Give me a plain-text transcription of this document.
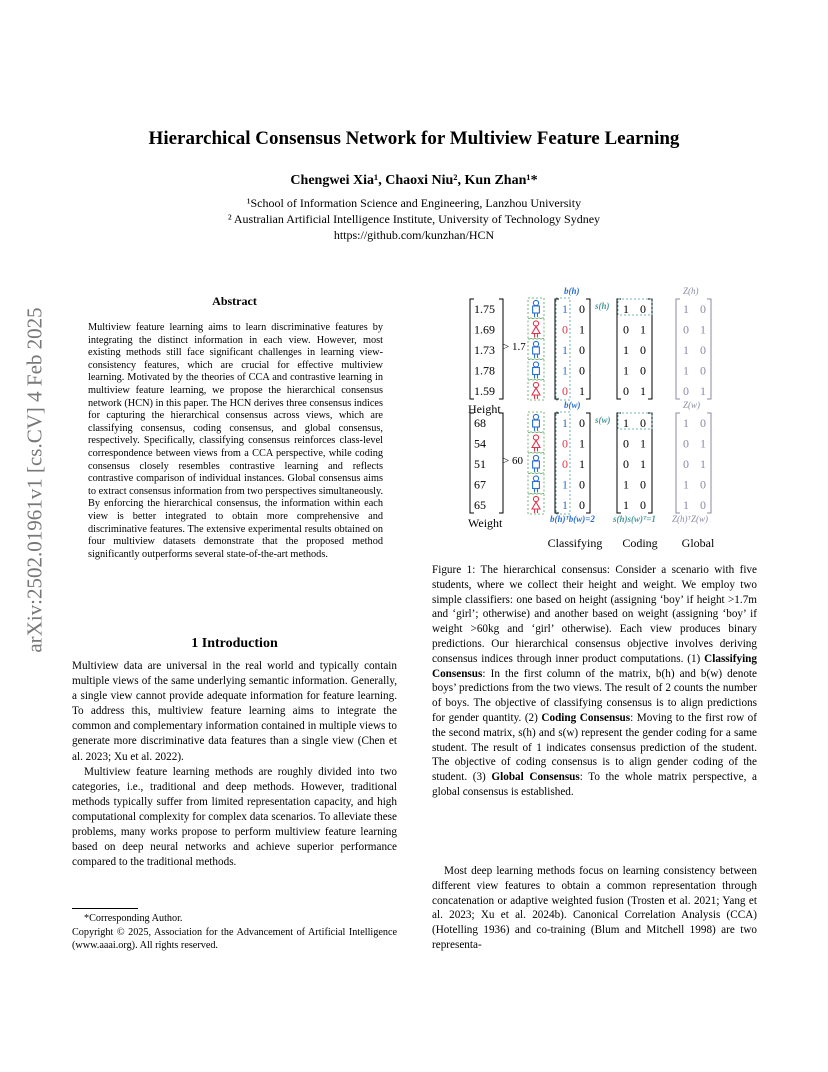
arXiv:2502.01961v1 [cs.CV] 4 Feb 2025
Hierarchical Consensus Network for Multiview Feature Learning
Chengwei Xia¹, Chaoxi Niu², Kun Zhan¹*
¹School of Information Science and Engineering, Lanzhou University
² Australian Artificial Intelligence Institute, University of Technology Sydney
https://github.com/kunzhan/HCN
Abstract
Multiview feature learning aims to learn discriminative features by integrating the distinct information in each view. However, most existing methods still face significant challenges in learning view-consistency features, which are crucial for effective multiview learning. Motivated by the theories of CCA and contrastive learning in multiview feature learning, we propose the hierarchical consensus network (HCN) in this paper. The HCN derives three consensus indices for capturing the hierarchical consensus across views, which are classifying consensus, coding consensus, and global consensus, respectively. Specifically, classifying consensus reinforces class-level correspondence between views from a CCA perspective, while coding consensus closely resembles contrastive learning and reflects contrastive comparison of individual instances. Global consensus aims to extract consensus information from two perspectives simultaneously. By enforcing the hierarchical consensus, the information within each view is better integrated to obtain more comprehensive and discriminative features. The extensive experimental results obtained on four multiview datasets demonstrate that the proposed method significantly outperforms several state-of-the-art methods.
1 Introduction

Multiview data are universal in the real world and typically contain multiple views of the same underlying semantic information. Generally, a single view cannot provide adequate information for feature learning. To address this, multiview feature learning aims to integrate the common and complementary information contained in multiple views to generate more discriminative data features than a single view (Chen et al. 2023; Xu et al. 2022).

Multiview feature learning methods are roughly divided into two categories, i.e., traditional and deep methods. However, traditional methods typically suffer from limited representation capacity, and high computational complexity for complex data scenarios. To alleviate these problems, many works propose to perform multiview feature learning based on deep neural networks and achieve superior performance compared to the traditional methods.

*Corresponding Author.
Copyright © 2025, Association for the Advancement of Artificial Intelligence (www.aaai.org). All rights reserved.
1.75
1.69
1.73
1.78
1.59
Height
> 1.7
1 0
0 1
1 0
1 0
0 1
b(h)
s(h) 1 0
0 1
1 0
1 0
0 1
Z(h)
1 0
0 1
1 0
1 0
0 1
68
54
51
67
65
Weight
> 60
1 0
0 1
0 1
1 0
1 0
b(w)
s(w) 1 0
0 1
0 1
1 0
1 0
Z(w)
1 0
0 1
0 1
1 0
1 0
b(h)ᵀb(w)=2 s(h)s(w)ᵀ=1 Z(h)ᵀZ(w)
Classifying Coding Global
Figure 1: The hierarchical consensus: Consider a scenario with five students, where we collect their height and weight. We employ two simple classifiers: one based on height (assigning ‘boy’ if height >1.7m and ‘girl’; otherwise) and another based on weight (assigning ‘boy’ if weight >60kg and ‘girl’ otherwise). Each view produces binary predictions. Our hierarchical consensus objective involves deriving consensus indices through inner product computations. (1) Classifying Consensus: In the first column of the matrix, b(h) and b(w) denote boys’ predictions from the two views. The result of 2 counts the number of boys. The objective of classifying consensus is to align predictions for gender quantity. (2) Coding Consensus: Moving to the first row of the second matrix, s(h) and s(w) represent the gender coding for a same student. The result of 1 indicates consensus prediction of the student. The objective of coding consensus is to align gender coding of the student. (3) Global Consensus: To the whole matrix perspective, a global consensus is established.
Most deep learning methods focus on learning consistency between different view features to obtain a common representation through concatenation or adaptive weighted fusion (Trosten et al. 2021; Yang et al. 2023; Xu et al. 2024b). Canonical Correlation Analysis (CCA) (Hotelling 1936) and co-training (Blum and Mitchell 1998) are two representa-
